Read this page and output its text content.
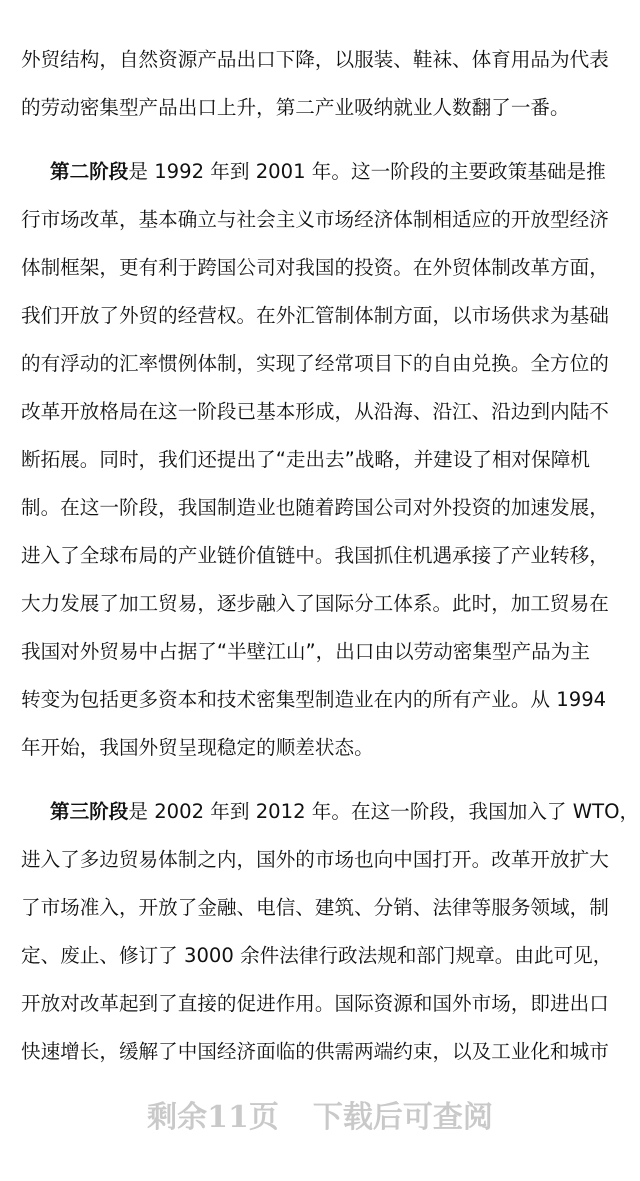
外贸结构，自然资源产品出口下降，以服装、鞋袜、体育用品为代表
的劳动密集型产品出口上升，第二产业吸纳就业人数翻了一番。
第二阶段是 1992 年到 2001 年。这一阶段的主要政策基础是推
行市场改革，基本确立与社会主义市场经济体制相适应的开放型经济
体制框架，更有利于跨国公司对我国的投资。在外贸体制改革方面，
我们开放了外贸的经营权。在外汇管制体制方面，以市场供求为基础
的有浮动的汇率惯例体制，实现了经常项目下的自由兑换。全方位的
改革开放格局在这一阶段已基本形成，从沿海、沿江、沿边到内陆不
断拓展。同时，我们还提出了“走出去”战略，并建设了相对保障机
制。在这一阶段，我国制造业也随着跨国公司对外投资的加速发展，
进入了全球布局的产业链价值链中。我国抓住机遇承接了产业转移，
大力发展了加工贸易，逐步融入了国际分工体系。此时，加工贸易在
我国对外贸易中占据了“半壁江山”，出口由以劳动密集型产品为主
转变为包括更多资本和技术密集型制造业在内的所有产业。从 1994
年开始，我国外贸呈现稳定的顺差状态。
第三阶段是 2002 年到 2012 年。在这一阶段，我国加入了 WTO，
进入了多边贸易体制之内，国外的市场也向中国打开。改革开放扩大
了市场准入，开放了金融、电信、建筑、分销、法律等服务领域，制
定、废止、修订了 3000 余件法律行政法规和部门规章。由此可见，
开放对改革起到了直接的促进作用。国际资源和国外市场，即进出口
快速增长，缓解了中国经济面临的供需两端约束，以及工业化和城市
剩余11页 下载后可查阅
